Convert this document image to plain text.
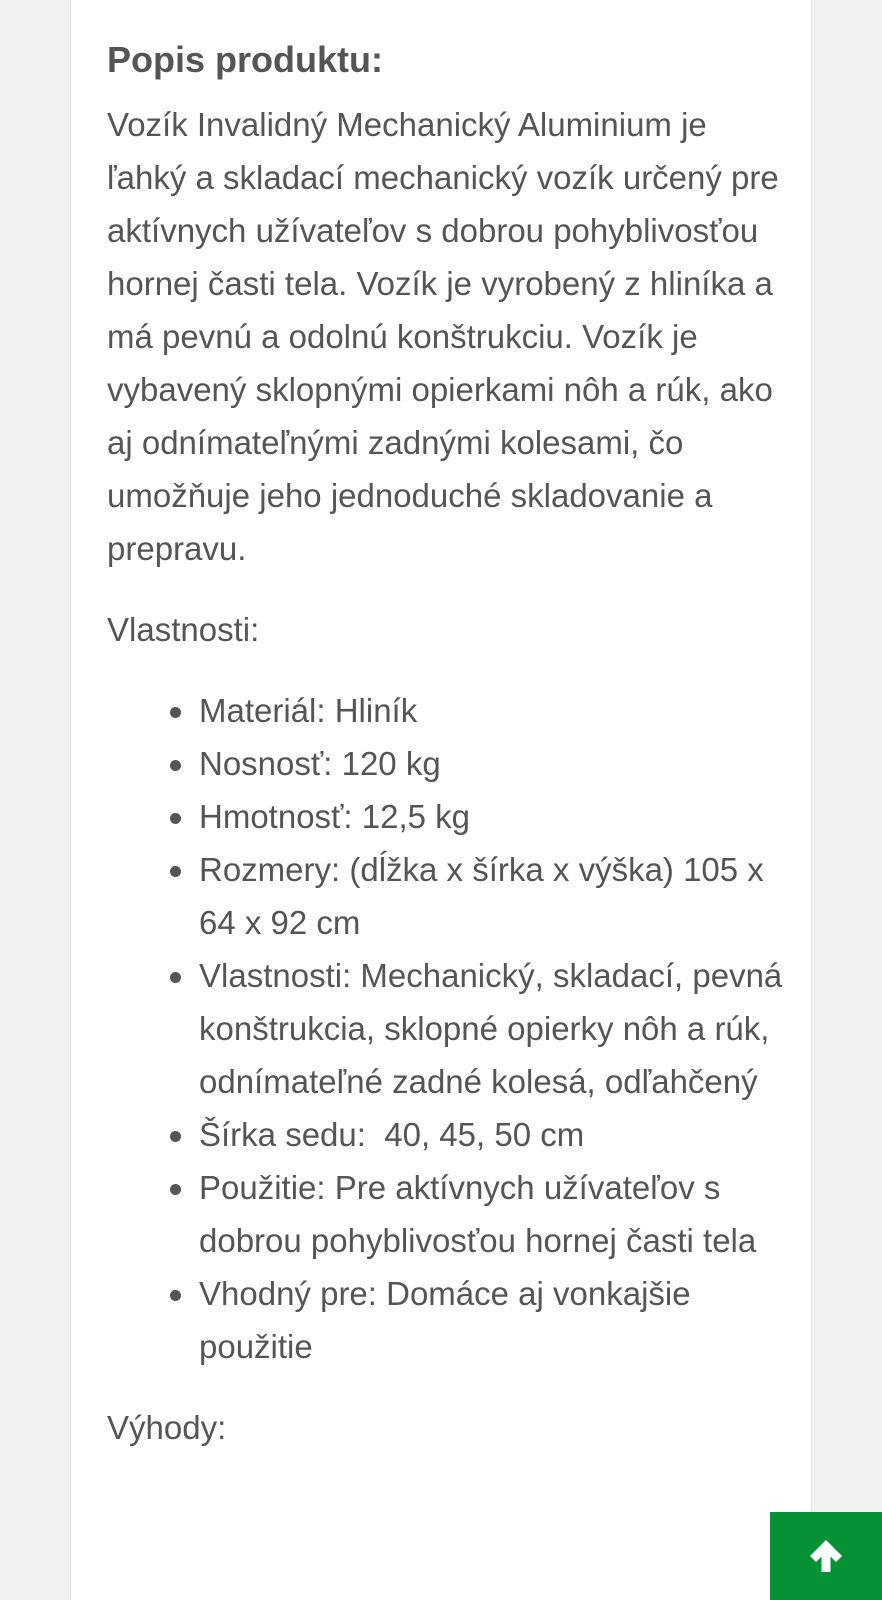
Popis produktu:

Vozík Invalidný Mechanický Aluminium je ľahký a skladací mechanický vozík určený pre aktívnych užívateľov s dobrou pohyblivosťou hornej časti tela. Vozík je vyrobený z hliníka a má pevnú a odolnú konštrukciu. Vozík je vybavený sklopnými opierkami nôh a rúk, ako aj odnímateľnými zadnými kolesami, čo umožňuje jeho jednoduché skladovanie a prepravu.

Vlastnosti:

Materiál: Hliník
Nosnosť: 120 kg
Hmotnosť: 12,5 kg
Rozmery: (dĺžka x šírka x výška) 105 x 64 x 92 cm
Vlastnosti: Mechanický, skladací, pevná konštrukcia, sklopné opierky nôh a rúk, odnímateľné zadné kolesá, odľahčený
Šírka sedu:  40, 45, 50 cm
Použitie: Pre aktívnych užívateľov s dobrou pohyblivosťou hornej časti tela
Vhodný pre: Domáce aj vonkajšie použitie

Výhody:
